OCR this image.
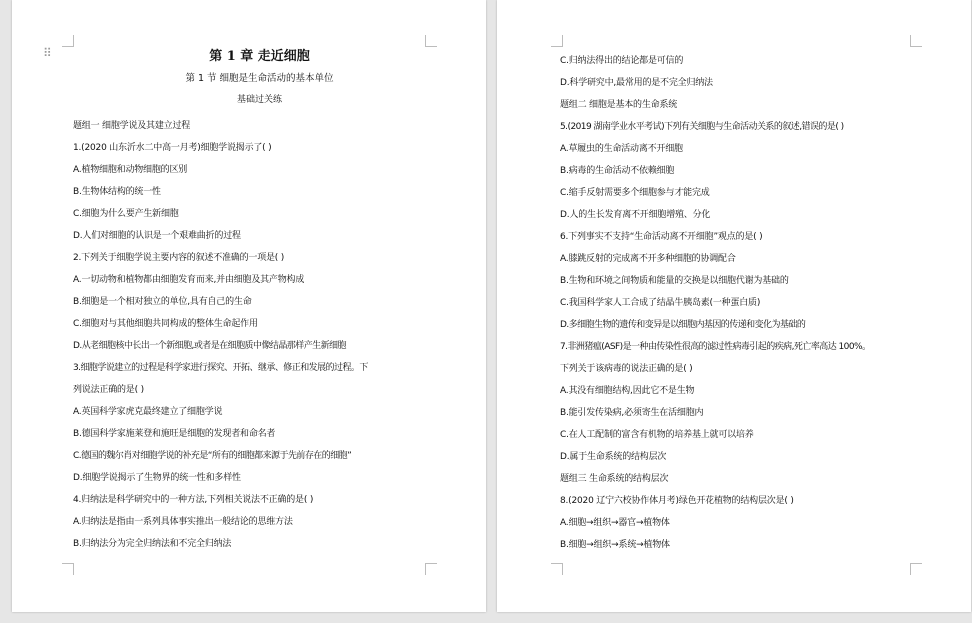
⠿	第 1 章 走近细胞
第 1 节 细胞是生命活动的基本单位
基础过关练
题组一 细胞学说及其建立过程
1.(2020 山东沂水二中高一月考)细胞学说揭示了( )
A.植物细胞和动物细胞的区别
B.生物体结构的统一性
C.细胞为什么要产生新细胞
D.人们对细胞的认识是一个艰难曲折的过程
2.下列关于细胞学说主要内容的叙述不准确的一项是( )
A.一切动物和植物都由细胞发育而来,并由细胞及其产物构成
B.细胞是一个相对独立的单位,具有自己的生命
C.细胞对与其他细胞共同构成的整体生命起作用
D.从老细胞核中长出一个新细胞,或者是在细胞质中像结晶那样产生新细胞
3.细胞学说建立的过程是科学家进行探究、开拓、继承、修正和发展的过程。下
列说法正确的是( )
A.英国科学家虎克最终建立了细胞学说
B.德国科学家施莱登和施旺是细胞的发现者和命名者
C.德国的魏尔肖对细胞学说的补充是“所有的细胞都来源于先前存在的细胞”
D.细胞学说揭示了生物界的统一性和多样性
4.归纳法是科学研究中的一种方法,下列相关说法不正确的是( )
A.归纳法是指由一系列具体事实推出一般结论的思维方法
B.归纳法分为完全归纳法和不完全归纳法
C.归纳法得出的结论都是可信的
D.科学研究中,最常用的是不完全归纳法
题组二 细胞是基本的生命系统
5.(2019 湖南学业水平考试)下列有关细胞与生命活动关系的叙述,错误的是( )
A.草履虫的生命活动离不开细胞
B.病毒的生命活动不依赖细胞
C.缩手反射需要多个细胞参与才能完成
D.人的生长发育离不开细胞增殖、分化
6.下列事实不支持“生命活动离不开细胞”观点的是( )
A.膝跳反射的完成离不开多种细胞的协调配合
B.生物和环境之间物质和能量的交换是以细胞代谢为基础的
C.我国科学家人工合成了结晶牛胰岛素(一种蛋白质)
D.多细胞生物的遗传和变异是以细胞内基因的传递和变化为基础的
7.非洲猪瘟(ASF)是一种由传染性很高的滤过性病毒引起的疾病,死亡率高达 100%。
下列关于该病毒的说法正确的是( )
A.其没有细胞结构,因此它不是生物
B.能引发传染病,必须寄生在活细胞内
C.在人工配制的富含有机物的培养基上就可以培养
D.属于生命系统的结构层次
题组三 生命系统的结构层次
8.(2020 辽宁六校协作体月考)绿色开花植物的结构层次是( )
A.细胞→组织→器官→植物体
B.细胞→组织→系统→植物体
